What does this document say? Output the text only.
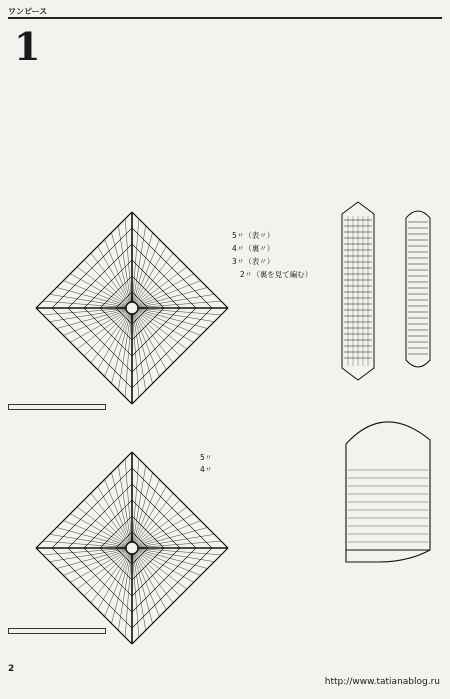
ワンピース
1

5〃（表〃）
4〃（裏〃）
3〃（表〃）
2〃（裏を見て編む）
5〃
4〃
2
http://www.tatianablog.ru
